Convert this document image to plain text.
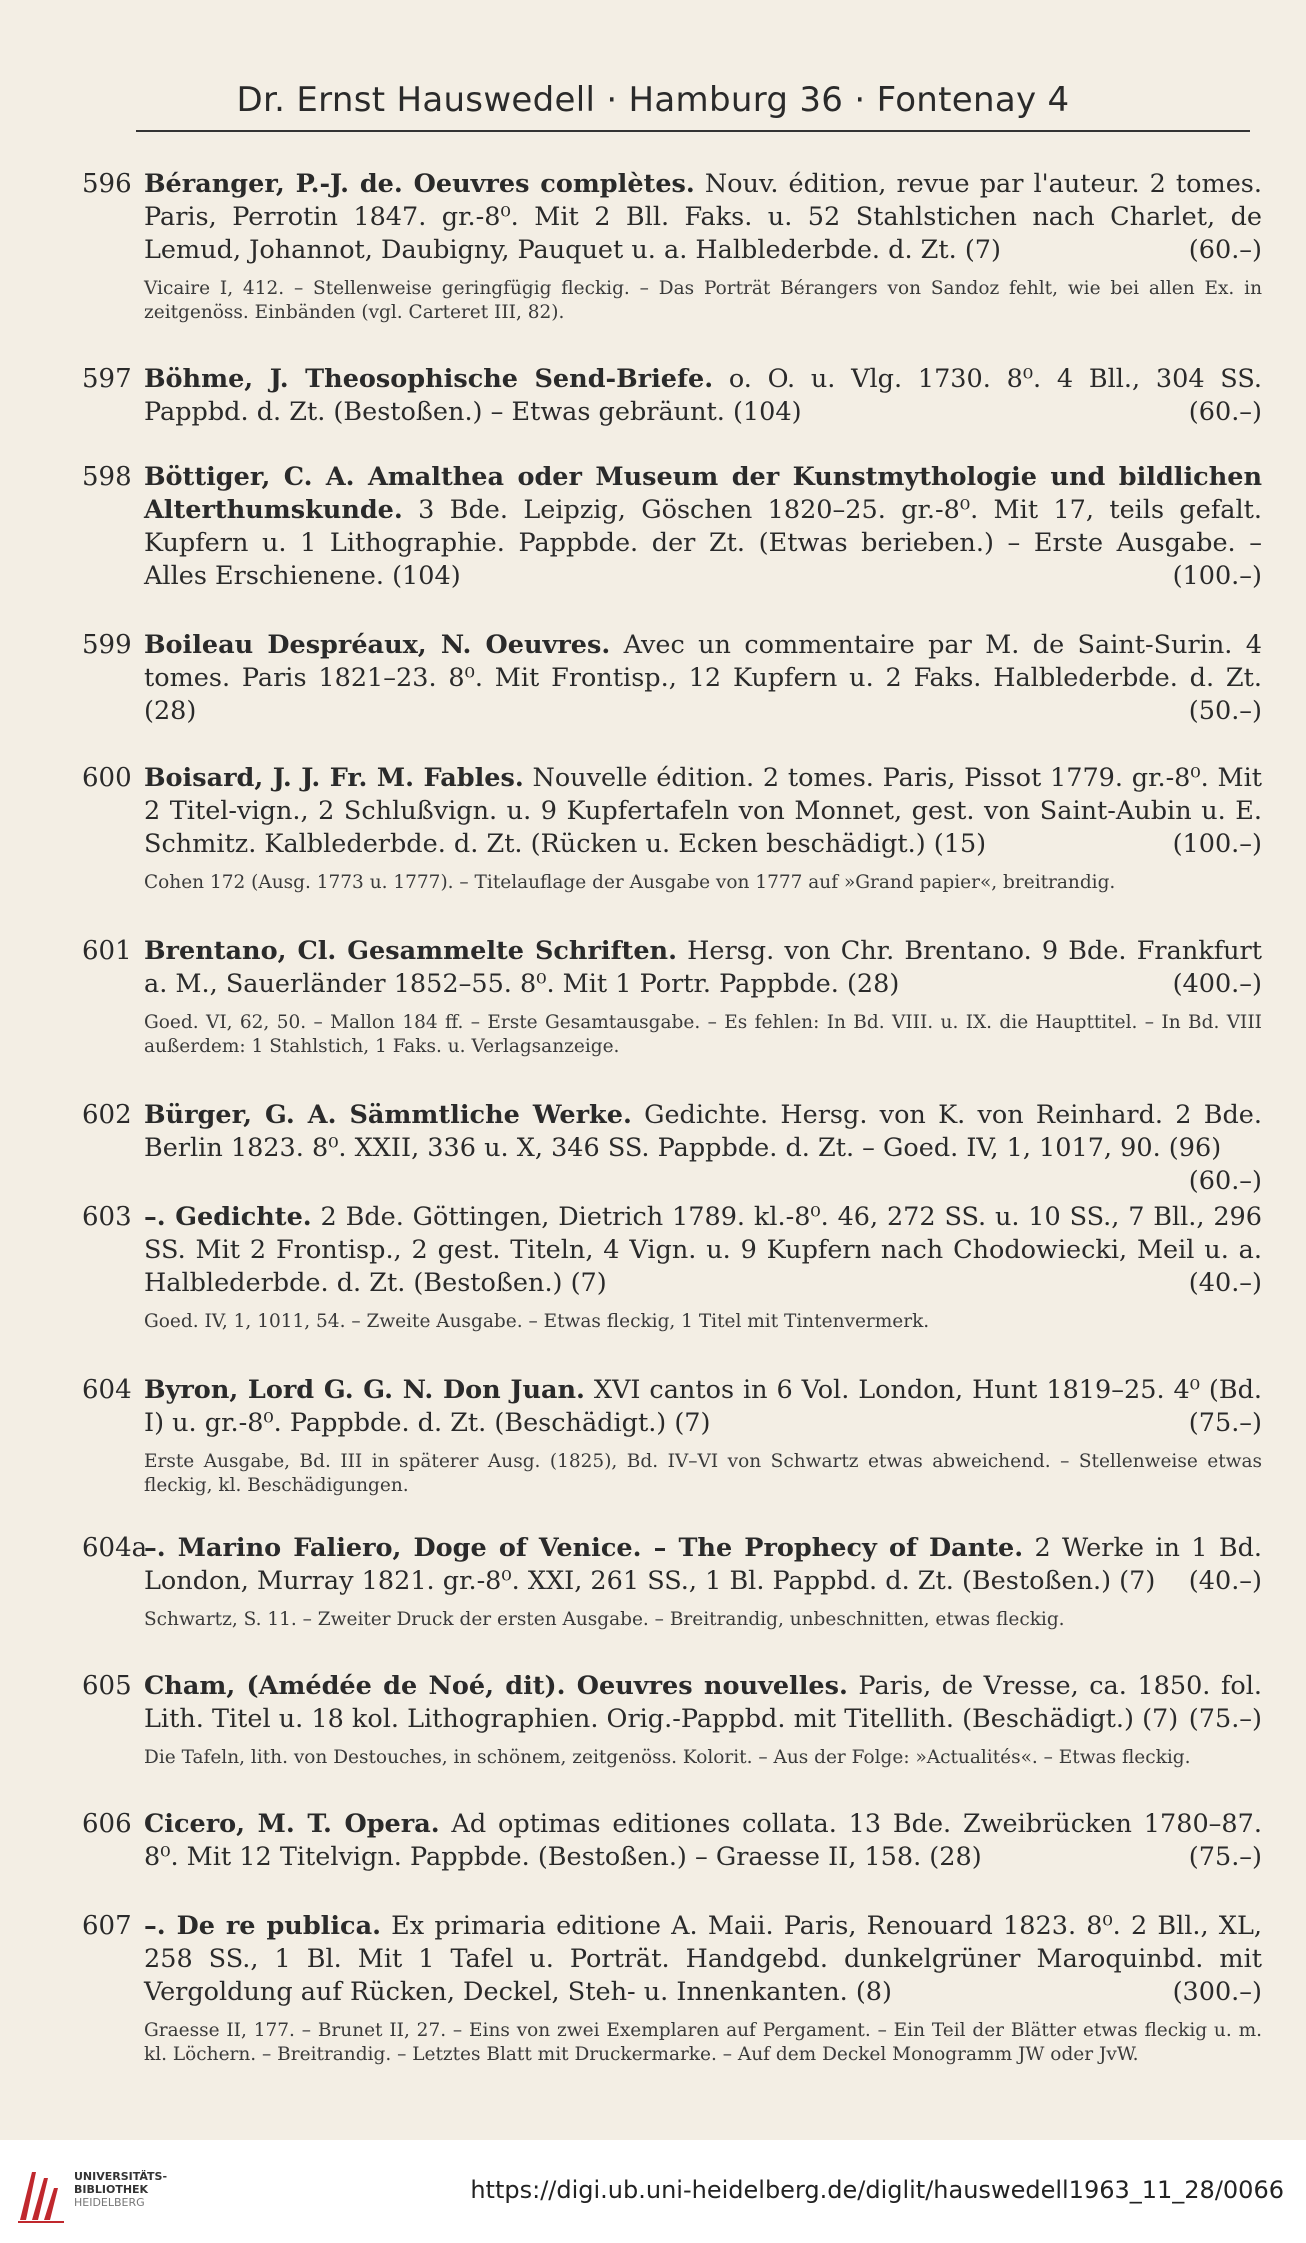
Dr. Ernst Hauswedell · Hamburg 36 · Fontenay 4
596 Béranger, P.-J. de. Oeuvres complètes. Nouv. édition, revue par l'auteur. 2 tomes. Paris, Perrotin 1847. gr.-8⁰. Mit 2 Bll. Faks. u. 52 Stahlstichen nach Charlet, de Lemud, Johannot, Daubigny, Pauquet u. a. Halblederbde. d. Zt. (7)	(60.–)
Vicaire I, 412. – Stellenweise geringfügig fleckig. – Das Porträt Bérangers von Sandoz fehlt, wie bei allen Ex. in zeitgenöss. Einbänden (vgl. Carteret III, 82).
597 Böhme, J. Theosophische Send-Briefe. o. O. u. Vlg. 1730. 8⁰. 4 Bll., 304 SS. Pappbd. d. Zt. (Bestoßen.) – Etwas gebräunt. (104)	(60.–)
598 Böttiger, C. A. Amalthea oder Museum der Kunstmythologie und bildlichen Alterthumskunde. 3 Bde. Leipzig, Göschen 1820–25. gr.-8⁰. Mit 17, teils gefalt. Kupfern u. 1 Lithographie. Pappbde. der Zt. (Etwas berieben.) – Erste Ausgabe. – Alles Erschienene. (104)	(100.–)
599 Boileau Despréaux, N. Oeuvres. Avec un commentaire par M. de Saint-Surin. 4 tomes. Paris 1821–23. 8⁰. Mit Frontisp., 12 Kupfern u. 2 Faks. Halblederbde. d. Zt. (28)	(50.–)
600 Boisard, J. J. Fr. M. Fables. Nouvelle édition. 2 tomes. Paris, Pissot 1779. gr.-8⁰. Mit 2 Titel-vign., 2 Schlußvign. u. 9 Kupfertafeln von Monnet, gest. von Saint-Aubin u. E. Schmitz. Kalblederbde. d. Zt. (Rücken u. Ecken beschädigt.) (15)	(100.–)
Cohen 172 (Ausg. 1773 u. 1777). – Titelauflage der Ausgabe von 1777 auf »Grand papier«, breitrandig.
601 Brentano, Cl. Gesammelte Schriften. Hersg. von Chr. Brentano. 9 Bde. Frankfurt a. M., Sauerländer 1852–55. 8⁰. Mit 1 Portr. Pappbde. (28)	(400.–)
Goed. VI, 62, 50. – Mallon 184 ff. – Erste Gesamtausgabe. – Es fehlen: In Bd. VIII. u. IX. die Haupttitel. – In Bd. VIII außerdem: 1 Stahlstich, 1 Faks. u. Verlagsanzeige.
602 Bürger, G. A. Sämmtliche Werke. Gedichte. Hersg. von K. von Reinhard. 2 Bde. Berlin 1823. 8⁰. XXII, 336 u. X, 346 SS. Pappbde. d. Zt. – Goed. IV, 1, 1017, 90. (96)
(60.–)
603 –. Gedichte. 2 Bde. Göttingen, Dietrich 1789. kl.-8⁰. 46, 272 SS. u. 10 SS., 7 Bll., 296 SS. Mit 2 Frontisp., 2 gest. Titeln, 4 Vign. u. 9 Kupfern nach Chodowiecki, Meil u. a. Halblederbde. d. Zt. (Bestoßen.) (7)	(40.–)
Goed. IV, 1, 1011, 54. – Zweite Ausgabe. – Etwas fleckig, 1 Titel mit Tintenvermerk.
604 Byron, Lord G. G. N. Don Juan. XVI cantos in 6 Vol. London, Hunt 1819–25. 4⁰ (Bd. I) u. gr.-8⁰. Pappbde. d. Zt. (Beschädigt.) (7)	(75.–)
Erste Ausgabe, Bd. III in späterer Ausg. (1825), Bd. IV–VI von Schwartz etwas abweichend. – Stellenweise etwas fleckig, kl. Beschädigungen.
604a
–. Marino Faliero, Doge of Venice. – The Prophecy of Dante. 2 Werke in 1 Bd. London, Murray 1821. gr.-8⁰. XXI, 261 SS., 1 Bl. Pappbd. d. Zt. (Bestoßen.) (7) (40.–)
Schwartz, S. 11. – Zweiter Druck der ersten Ausgabe. – Breitrandig, unbeschnitten, etwas fleckig.
605 Cham, (Amédée de Noé, dit). Oeuvres nouvelles. Paris, de Vresse, ca. 1850. fol. Lith. Titel u. 18 kol. Lithographien. Orig.-Pappbd. mit Titellith. (Beschädigt.) (7) (75.–)
Die Tafeln, lith. von Destouches, in schönem, zeitgenöss. Kolorit. – Aus der Folge: »Actualités«. – Etwas fleckig.
606 Cicero, M. T. Opera. Ad optimas editiones collata. 13 Bde. Zweibrücken 1780–87. 8⁰. Mit 12 Titelvign. Pappbde. (Bestoßen.) – Graesse II, 158. (28)	(75.–)
607 –. De re publica. Ex primaria editione A. Maii. Paris, Renouard 1823. 8⁰. 2 Bll., XL, 258 SS., 1 Bl. Mit 1 Tafel u. Porträt. Handgebd. dunkelgrüner Maroquinbd. mit Vergoldung auf Rücken, Deckel, Steh- u. Innenkanten. (8)	(300.–)
Graesse II, 177. – Brunet II, 27. – Eins von zwei Exemplaren auf Pergament. – Ein Teil der Blätter etwas fleckig u. m. kl. Löchern. – Breitrandig. – Letztes Blatt mit Druckermarke. – Auf dem Deckel Monogramm JW oder JvW.
UNIVERSITÄTS-
BIBLIOTHEK
HEIDELBERG	https://digi.ub.uni-heidelberg.de/diglit/hauswedell1963_11_28/0066
